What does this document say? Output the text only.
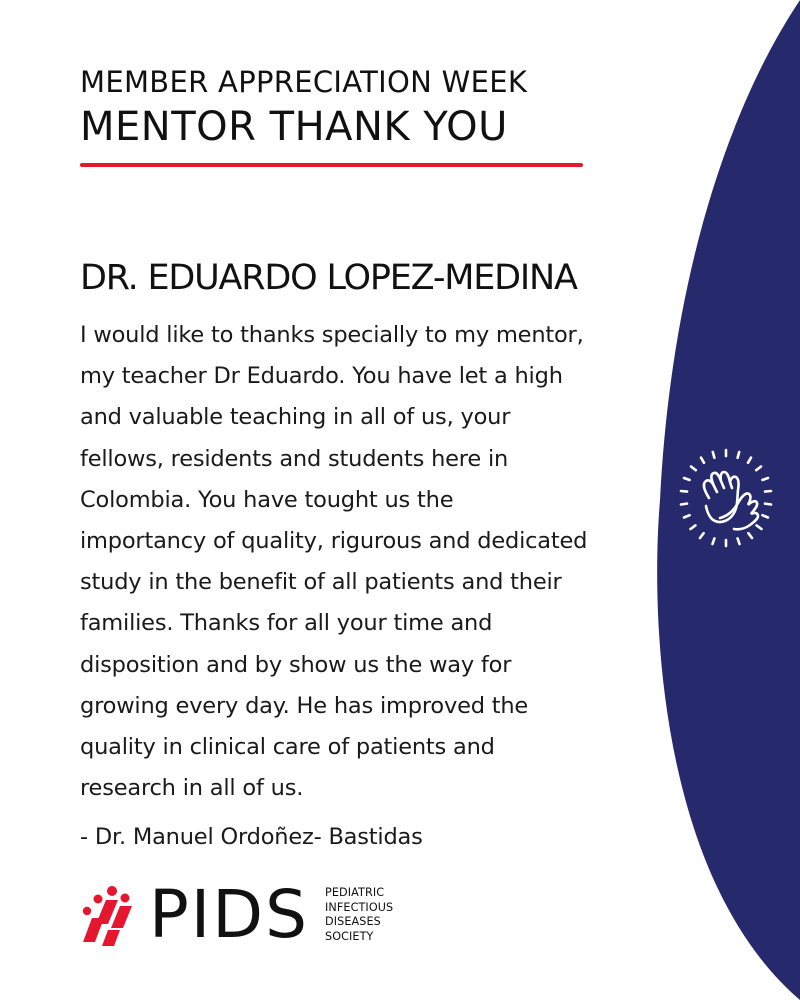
MEMBER APPRECIATION WEEK
MENTOR THANK YOU
DR. EDUARDO LOPEZ-MEDINA

I would like to thanks specially to my mentor,

my teacher Dr Eduardo. You have let a high

and valuable teaching in all of us, your

fellows, residents and students here in

Colombia. You have tought us the

importancy of quality, rigurous and dedicated

study in the benefit of all patients and their

families. Thanks for all your time and

disposition and by show us the way for

growing every day. He has improved the

quality in clinical care of patients and

research in all of us.

- Dr. Manuel Ordoñez- Bastidas
PIDS PEDIATRIC
INFECTIOUS
DISEASES
SOCIETY
